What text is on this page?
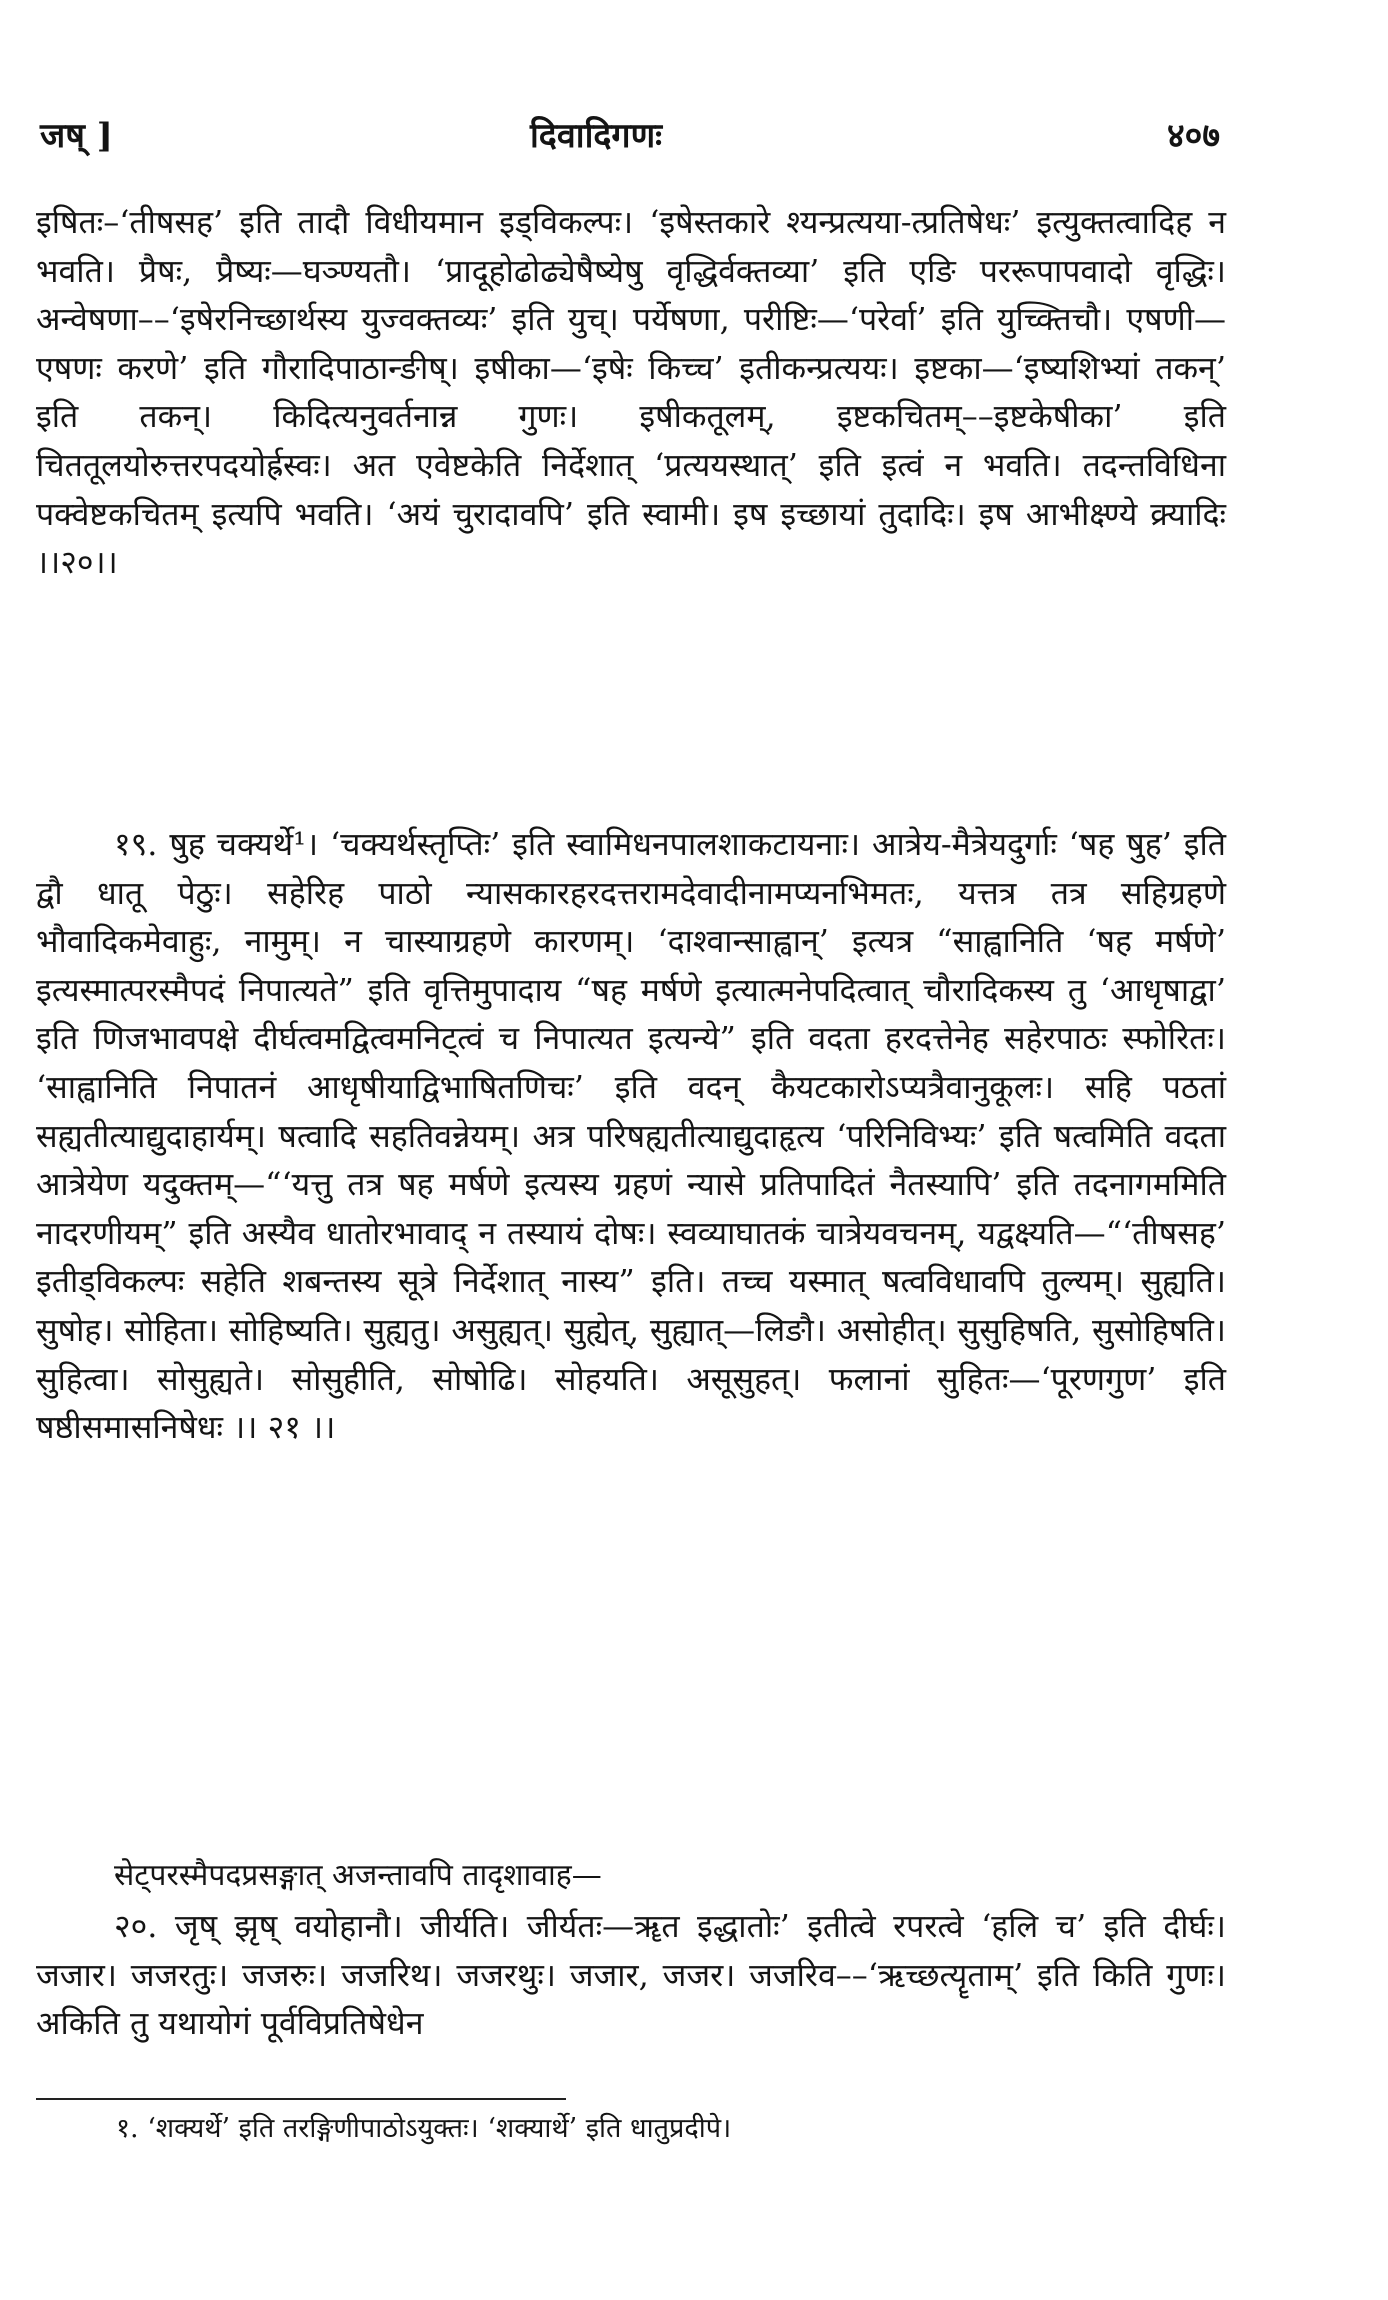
जष् ]	दिवादिगणः	४०७

इषितः–‘तीषसह’ इति तादौ विधीयमान इड्विकल्पः। ‘इषेस्तकारे श्यन्प्रत्यया-त्प्रतिषेधः’ इत्युक्तत्वादिह न भवति। प्रैषः, प्रैष्यः—घञ्ण्यतौ। ‘प्रादूहोढोढ्येषैष्येषु वृद्धिर्वक्तव्या’ इति एङि पररूपापवादो वृद्धिः। अन्वेषणा––‘इषेरनिच्छार्थस्य युज्वक्तव्यः’ इति युच्। पर्येषणा, परीष्टिः—‘परेर्वा’ इति युच्क्तिचौ। एषणी—एषणः करणे’ इति गौरादिपाठान्ङीष्। इषीका—‘इषेः किच्च’ इतीकन्प्रत्ययः। इष्टका—‘इष्यशिभ्यां तकन्’ इति तकन्। किदित्यनुवर्तनान्न गुणः। इषीकतूलम्, इष्टकचितम्––इष्टकेषीका’ इति चिततूलयोरुत्तरपदयोर्ह्रस्वः। अत एवेष्टकेति निर्देशात् ‘प्रत्ययस्थात्’ इति इत्वं न भवति। तदन्तविधिना पक्वेष्टकचितम् इत्यपि भवति। ‘अयं चुरादावपि’ इति स्वामी। इष इच्छायां तुदादिः। इष आभीक्ष्ण्ये क्र्यादिः ।।२०।।

१९. षुह चक्यर्थे¹। ‘चक्यर्थस्तृप्तिः’ इति स्वामिधनपालशाकटायनाः। आत्रेय-मैत्रेयदुर्गाः ‘षह षुह’ इति द्वौ धातू पेठुः। सहेरिह पाठो न्यासकारहरदत्तरामदेवादीनामप्यनभिमतः, यत्तत्र तत्र सहिग्रहणे भौवादिकमेवाहुः, नामुम्। न चास्याग्रहणे कारणम्। ‘दाश्वान्साह्वान्’ इत्यत्र “साह्वानिति ‘षह मर्षणे’ इत्यस्मात्परस्मैपदं निपात्यते” इति वृत्तिमुपादाय “षह मर्षणे इत्यात्मनेपदित्वात् चौरादिकस्य तु ‘आधृषाद्वा’ इति णिजभावपक्षे दीर्घत्वमद्वित्वमनिट्त्वं च निपात्यत इत्यन्ये” इति वदता हरदत्तेनेह सहेरपाठः स्फोरितः। ‘साह्वानिति निपातनं आधृषीयाद्विभाषितणिचः’ इति वदन् कैयटकारोऽप्यत्रैवानुकूलः। सहि पठतां सह्यतीत्याद्युदाहार्यम्। षत्वादि सहतिवन्नेयम्। अत्र परिषह्यतीत्याद्युदाहृत्य ‘परिनिविभ्यः’ इति षत्वमिति वदता आत्रेयेण यदुक्तम्—“‘यत्तु तत्र षह मर्षणे इत्यस्य ग्रहणं न्यासे प्रतिपादितं नैतस्यापि’ इति तदनागममिति नादरणीयम्” इति अस्यैव धातोरभावाद् न तस्यायं दोषः। स्वव्याघातकं चात्रेयवचनम्, यद्वक्ष्यति—“‘तीषसह’ इतीड्विकल्पः सहेति शबन्तस्य सूत्रे निर्देशात् नास्य” इति। तच्च यस्मात् षत्वविधावपि तुल्यम्। सुह्यति। सुषोह। सोहिता। सोहिष्यति। सुह्यतु। असुह्यत्। सुह्येत्, सुह्यात्—लिङौ। असोहीत्। सुसुहिषति, सुसोहिषति। सुहित्वा। सोसुह्यते। सोसुहीति, सोषोढि। सोहयति। असूसुहत्। फलानां सुहितः—‘पूरणगुण’ इति षष्ठीसमासनिषेधः ।। २१ ।।

सेट्परस्मैपदप्रसङ्गात् अजन्तावपि तादृशावाह—

२०. जृष् झृष् वयोहानौ। जीर्यति। जीर्यतः—ॠत इद्धातोः’ इतीत्वे रपरत्वे ‘हलि च’ इति दीर्घः। जजार। जजरतुः। जजरुः। जजरिथ। जजरथुः। जजार, जजर। जजरिव––‘ऋच्छत्यॄताम्’ इति किति गुणः। अकिति तु यथायोगं पूर्वविप्रतिषेधेन

१. ‘शक्यर्थे’ इति तरङ्गिणीपाठोऽयुक्तः। ‘शक्यार्थे’ इति धातुप्रदीपे।
